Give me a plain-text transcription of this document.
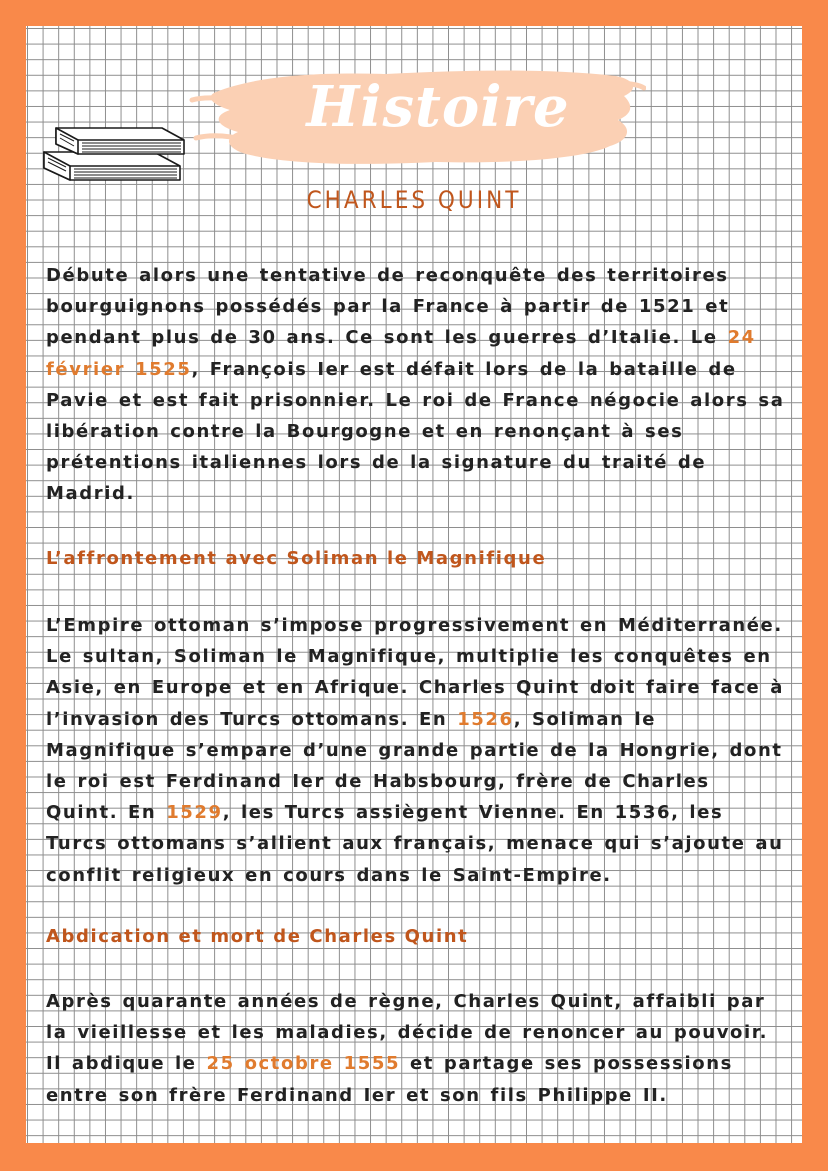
Histoire
CHARLES QUINT

Débute alors une tentative de reconquête des territoires bourguignons possédés par la France à partir de 1521 et pendant plus de 30 ans. Ce sont les guerres d’Italie. Le 24 février 1525, François Ier est défait lors de la bataille de Pavie et est fait prisonnier. Le roi de France négocie alors sa libération contre la Bourgogne et en renonçant à ses prétentions italiennes lors de la signature du traité de Madrid.

L’affrontement avec Soliman le Magnifique

L’Empire ottoman s’impose progressivement en Méditerranée. Le sultan, Soliman le Magnifique, multiplie les conquêtes en Asie, en Europe et en Afrique. Charles Quint doit faire face à l’invasion des Turcs ottomans. En 1526, Soliman le Magnifique s’empare d’une grande partie de la Hongrie, dont le roi est Ferdinand Ier de Habsbourg, frère de Charles Quint. En 1529, les Turcs assiègent Vienne. En 1536, les Turcs ottomans s’allient aux français, menace qui s’ajoute au conflit religieux en cours dans le Saint-Empire.

Abdication et mort de Charles Quint

Après quarante années de règne, Charles Quint, affaibli par la vieillesse et les maladies, décide de renoncer au pouvoir. Il abdique le 25 octobre 1555 et partage ses possessions entre son frère Ferdinand Ier et son fils Philippe II.
